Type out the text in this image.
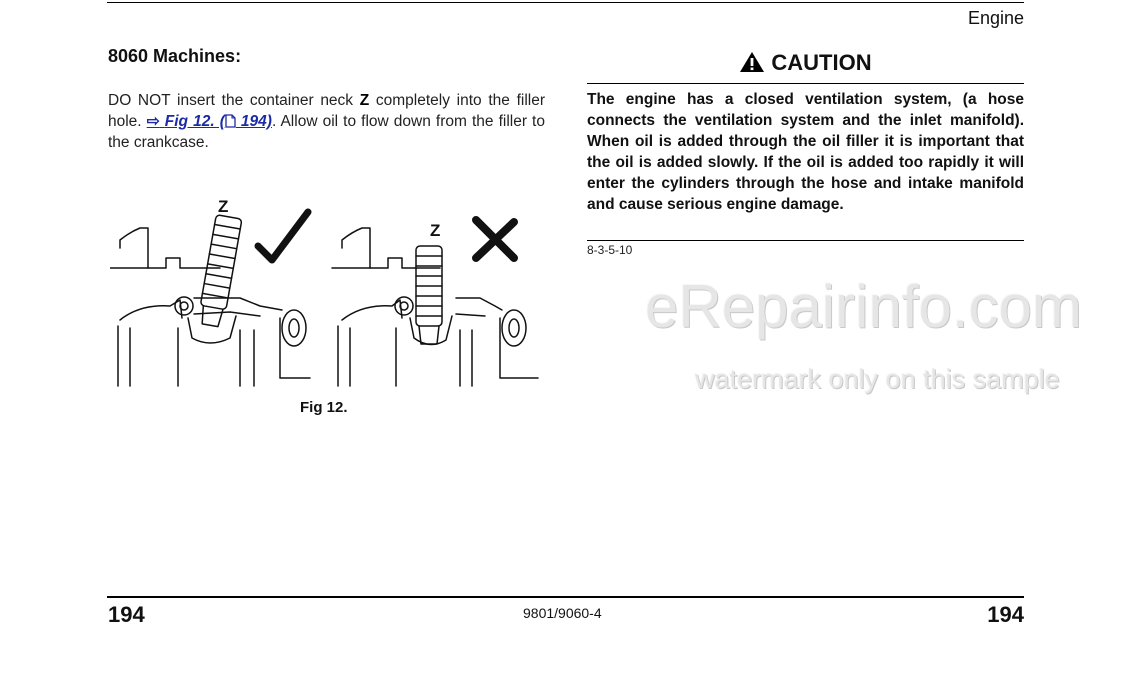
Engine
8060 Machines:
DO NOT insert the container neck Z completely into the filler hole. ⇨ Fig 12. ( 194). Allow oil to flow down from the filler to the crankcase.
Z
Z
Fig 12.
CAUTION
The engine has a closed ventilation system, (a hose connects the ventilation system and the inlet manifold). When oil is added through the oil filler it is important that the oil is added slowly. If the oil is added too rapidly it will enter the cylinders through the hose and intake manifold and cause serious engine damage.
8-3-5-10
eRepairinfo.com
watermark only on this sample
194	9801/9060-4	194
